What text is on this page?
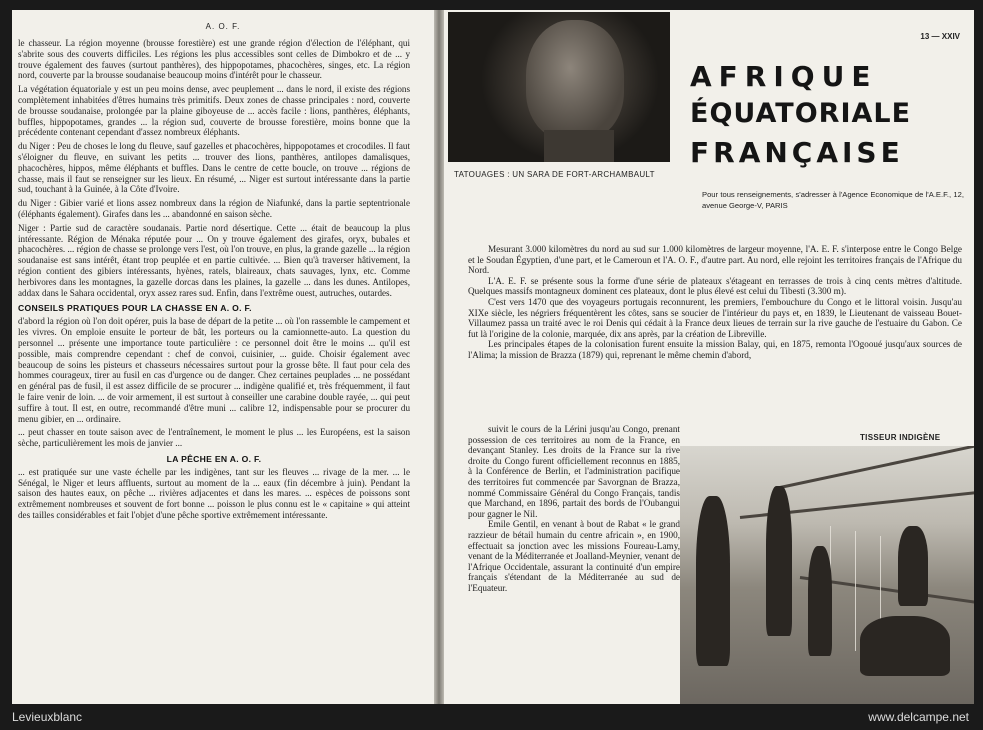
A. O. F.

le chasseur. La région moyenne (brousse forestière) est une grande région d'élection de l'éléphant, qui s'abrite sous des couverts difficiles. Les régions les plus accessibles sont celles de Dimbokro et de ... y trouve également des fauves (surtout panthères), des hippopotames, phacochères, singes, etc. La région nord, couverte par la brousse soudanaise beaucoup moins d'intérêt pour le chasseur.

La végétation équatoriale y est un peu moins dense, avec peuplement ... dans le nord, il existe des régions complètement inhabitées d'êtres humains très primitifs. Deux zones de chasse principales : nord, couverte de brousse soudanaise, prolongée par la plaine giboyeuse de ... accès facile : lions, panthères, éléphants, buffles, hippopotames, grandes ... la région sud, couverte de brousse forestière, moins bonne que la précédente contenant cependant d'assez nombreux éléphants.

du Niger : Peu de choses le long du fleuve, sauf gazelles et phacochères, hippopotames et crocodiles. Il faut s'éloigner du fleuve, en suivant les petits ... trouver des lions, panthères, antilopes damalisques, phacochères, hippos, même éléphants et buffles. Dans le centre de cette boucle, on trouve ... régions de chasse, mais il faut se renseigner sur les lieux. En résumé, ... Niger est surtout intéressante dans la partie sud, touchant à la Guinée, à la Côte d'Ivoire.

du Niger : Gibier varié et lions assez nombreux dans la région de Niafunké, dans la partie septentrionale (éléphants également). Girafes dans les ... abandonné en saison sèche.

Niger : Partie sud de caractère soudanais. Partie nord désertique. Cette ... était de beaucoup la plus intéressante. Région de Ménaka réputée pour ... On y trouve également des girafes, oryx, bubales et phacochères. ... région de chasse se prolonge vers l'est, où l'on trouve, en plus, la grande gazelle ... la région soudanaise est sans intérêt, étant trop peuplée et en partie cultivée. ... Bien qu'à traverser hâtivement, la région contient des gibiers intéressants, hyènes, ratels, blaireaux, chats sauvages, lynx, etc. Comme herbivores dans les montagnes, la gazelle dorcas dans les plaines, la gazelle ... dans les dunes. Antilopes, addax dans le Sahara occidental, oryx assez rares sud. Enfin, dans l'extrême ouest, autruches, outardes.

CONSEILS PRATIQUES POUR LA CHASSE EN A. O. F.

d'abord la région où l'on doit opérer, puis la base de départ de la petite ... où l'on rassemble le campement et les vivres. On emploie ensuite le porteur de bât, les porteurs ou la camionnette-auto. La question du personnel ... présente une importance toute particulière : ce personnel doit être le moins ... qu'il est possible, mais comprendre cependant : chef de convoi, cuisinier, ... guide. Choisir également avec beaucoup de soins les pisteurs et chasseurs nécessaires surtout pour la grosse bête. Il faut pour cela des hommes courageux, tirer au fusil en cas d'urgence ou de danger. Chez certaines peuplades ... ne possédant en général pas de fusil, il est assez difficile de se procurer ... indigène qualifié et, très fréquemment, il faut le faire venir de loin. ... de voir armement, il est surtout à conseiller une carabine double rayée, ... qui peut suffire à tout. Il est, en outre, recommandé d'être muni ... calibre 12, indispensable pour se procurer du menu gibier, en ... ordinaire.

... peut chasser en toute saison avec de l'entraînement, le moment le plus ... les Européens, est la saison sèche, particulièrement les mois de janvier ...

LA PÊCHE EN A. O. F.

... est pratiquée sur une vaste échelle par les indigènes, tant sur les fleuves ... rivage de la mer. ... le Sénégal, le Niger et leurs affluents, surtout au moment de la ... eaux (fin décembre à juin). Pendant la saison des hautes eaux, on pêche ... rivières adjacentes et dans les mares. ... espèces de poissons sont extrêmement nombreuses et souvent de fort bonne ... poisson le plus connu est le « capitaine » qui atteint des tailles considérables et fait l'objet d'une pêche sportive extrêmement intéressante.

TATOUAGES : UN SARA DE FORT-ARCHAMBAULT
13 — XXIV
AFRIQUE
ÉQUATORIALE
FRANÇAISE
Pour tous renseignements, s'adresser à l'Agence Economique de l'A.E.F., 12, avenue George-V, PARIS

Mesurant 3.000 kilomètres du nord au sud sur 1.000 kilomètres de largeur moyenne, l'A. E. F. s'interpose entre le Congo Belge et le Soudan Égyptien, d'une part, et le Cameroun et l'A. O. F., d'autre part. Au nord, elle rejoint les territoires français de l'Afrique du Nord.

L'A. E. F. se présente sous la forme d'une série de plateaux s'étageant en terrasses de trois à cinq cents mètres d'altitude. Quelques massifs montagneux dominent ces plateaux, dont le plus élevé est celui du Tibesti (3.300 m).

C'est vers 1470 que des voyageurs portugais reconnurent, les premiers, l'embouchure du Congo et le littoral voisin. Jusqu'au XIXe siècle, les négriers fréquentèrent les côtes, sans se soucier de l'intérieur du pays et, en 1839, le Lieutenant de vaisseau Bouet-Villaumez passa un traité avec le roi Denis qui cédait à la France deux lieues de terrain sur la rive gauche de l'estuaire du Gabon. Ce fut là l'origine de la colonie, marquée, dix ans après, par la création de Libreville.

Les principales étapes de la colonisation furent ensuite la mission Balay, qui, en 1875, remonta l'Ogooué jusqu'aux sources de l'Alima; la mission de Brazza (1879) qui, reprenant le même chemin d'abord,

suivit le cours de la Lérini jusqu'au Congo, prenant possession de ces territoires au nom de la France, en devançant Stanley. Les droits de la France sur la rive droite du Congo furent officiellement reconnus en 1885, à la Conférence de Berlin, et l'administration pacifique des territoires fut commencée par Savorgnan de Brazza, nommé Commissaire Général du Congo Français, tandis que Marchand, en 1896, partait des bords de l'Oubangui pour gagner le Nil.

Emile Gentil, en venant à bout de Rabat « le grand razzieur de bétail humain du centre africain », en 1900, effectuait sa jonction avec les missions Foureau-Lamy, venant de la Méditerranée et Joalland-Meynier, venant de l'Afrique Occidentale, assurant la continuité d'un empire français s'étendant de la Méditerranée au sud de l'Equateur.

TISSEUR INDIGÈNE
Levieuxblanc	www.delcampe.net
